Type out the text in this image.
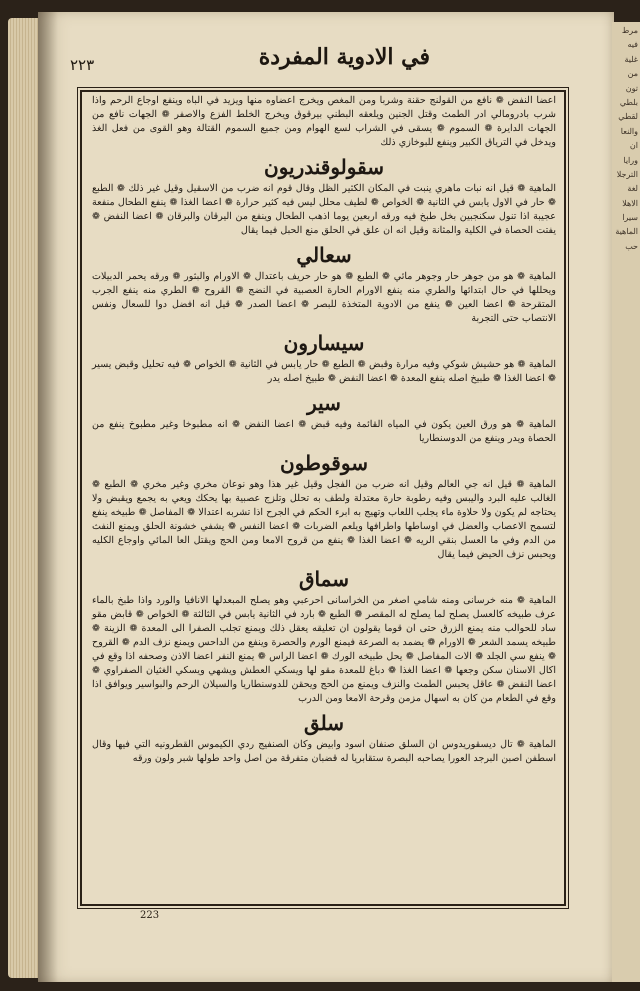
مرط
فيه
غلية
من
تون
بلطي
لقطي
والنعا
ان
ورايا
الترجلا
لغة
الاهلا
سيرا
الماهية
حب
في الادوية المفردة
٢٢٣

اعضا النفض ❁ نافع من القولنج حقنة وشربا ومن المغص ويخرج اعضاوه منها ويزيد في الباه وينفع اوجاع الرحم واذا شرب بادرومالي ادر الطمث وقتل الجنين ويلعقه البطني بيرقوق ويخرج الخلط الفزع والاصفر ❁ الجهات نافع من الجهات الدايرة ❁ السموم ❁ يسقى في الشراب لسع الهوام ومن جميع السموم القتالة وهو القوى من فعل الغذ ويدخل في الترياق الكبير وينفع للبوخازي ذلك

سقولوقندريون

الماهية ❁ قيل انه نبات ماهري ينبت في المكان الكثير الظل وقال قوم انه ضرب من الاسقيل وقيل غير ذلك ❁ الطبع ❁ حار في الاول يابس في الثانية ❁ الخواص ❁ لطيف محلل ليس فيه كثير حرارة ❁ اعضا الغذا ❁ ينفع الطحال منفعة عجيبة اذا تنول سكنجبين بخل طبخ فيه ورقه اربعين يوما اذهب الطحال وينفع من اليرقان والبرقان ❁ اعضا النفض ❁ يفتت الحصاة في الكلية والمثانة وقيل انه ان علق في الحلق منع الحبل فيما يقال

سعالي

الماهية ❁ هو من جوهر حار وجوهر مائي ❁ الطبع ❁ هو حار حريف باعتدال ❁ الاورام والبثور ❁ ورقه يحمر الدبيلات ويحللها في حال ابتدائها والطري منه ينفع الاورام الحارة العصبية في النضج ❁ القروح ❁ الطري منه ينفع الجرب المتقرحة ❁ اعضا العين ❁ ينفع من الادوية المتخذة للبصر ❁ اعضا الصدر ❁ قيل انه افضل دوا للسعال ونفس الانتصاب حتى التجربة

سيسارون

الماهية ❁ هو حشيش شوكي وفيه مرارة وقبض ❁ الطبع ❁ حار يابس في الثانية ❁ الخواص ❁ فيه تحليل وقبض يسير ❁ اعضا الغذا ❁ طبيخ اصله ينفع المعدة ❁ اعضا النفض ❁ طبيخ اصله يدر

سير

الماهية ❁ هو ورق العين يكون في المياه القائمة وفيه قبض ❁ اعضا النفض ❁ انه مطبوخا وغير مطبوخ ينفع من الحصاة ويدر وينفع من الدوسنطاريا

سوقوطون

الماهية ❁ قيل انه جي العالم وقيل انه ضرب من الفجل وقيل غير هذا وهو نوعان مخري وغير مخري ❁ الطبع ❁ الغالب عليه البرد واليبس وفيه رطوبة حارة معتدلة ولطف به تحلل وتلزج عصبية بها يحكك ويعي به يجمع ويقبض ولا يحتاجه لم يكون ولا حلاوة ماء يجلب اللعاب وتهيج به ابرء الحكم في الجرح اذا تشربه اعتدالا ❁ المفاصل ❁ طبيخه ينفع لتسمح الاعصاب والعضل في اوساطها واطرافها ويلعم الضربات ❁ اعضا النفس ❁ يشفي خشونة الحلق ويمنع النفث من الدم وفي ما العسل بنقي الريه ❁ اعضا الغذا ❁ ينفع من قروح الامعا ومن الحج ويقتل العا المائي واوجاع الكليه ويحبس نزف الحيض فيما يقال

سماق

الماهية ❁ منه خرسانى ومنه شامي اصغر من الخراسانى احرعبي وهو يصلح المبعدلها الانافيا والورد واذا طبخ بالماء عرف طبيخه كالعسل يصلح لما يصلح له المقصر ❁ الطبع ❁ بارد في الثانية يابس في الثالثة ❁ الخواص ❁ قابض مقو ساد للحوالب منه يمنع الزرق حتى ان قوما يقولون ان تعليقه يعقل ذلك ويمنع تجلب الصفرا الى المعدة ❁ الزينة ❁ طبيخه يسمد الشعر ❁ الاورام ❁ يضمد به الصرعة فيمنع الورم والحصرة وينفع من الداحس ويمنع نزف الدم ❁ القروح ❁ ينفع سي الجلد ❁ الات المفاصل ❁ يحل طبيخه الورك ❁ اعضا الراس ❁ يمنع النفر اعضا الاذن وصحفه اذا وقع في اكال الاسنان سكن وجعها ❁ اعضا الغذا ❁ دباغ للمعدة مقو لها ويسكي العطش ويشهي ويسكي الغثيان الصفراوي ❁ اعضا النفض ❁ عاقل يحبس الطمث والنزف ويمنع من الحج ويحقن للدوسنطاريا والسيلان الرحم والبواسير ويوافق اذا وقع في الطعام من كان به اسهال مزمن وقرحة الامعا ومن الدرب

سلق

الماهية ❁ تال ديسقوريدوس ان السلق صنفان اسود وابيض وكان الصنفيج ردي الكيموس القطرونيه التي فيها وقال اسطفن اصبن البرجد العورا يصاحبه البصرة ستقابريا له قضبان متفرقة من اصل واحد طولها شبر ولون ورقه

223
